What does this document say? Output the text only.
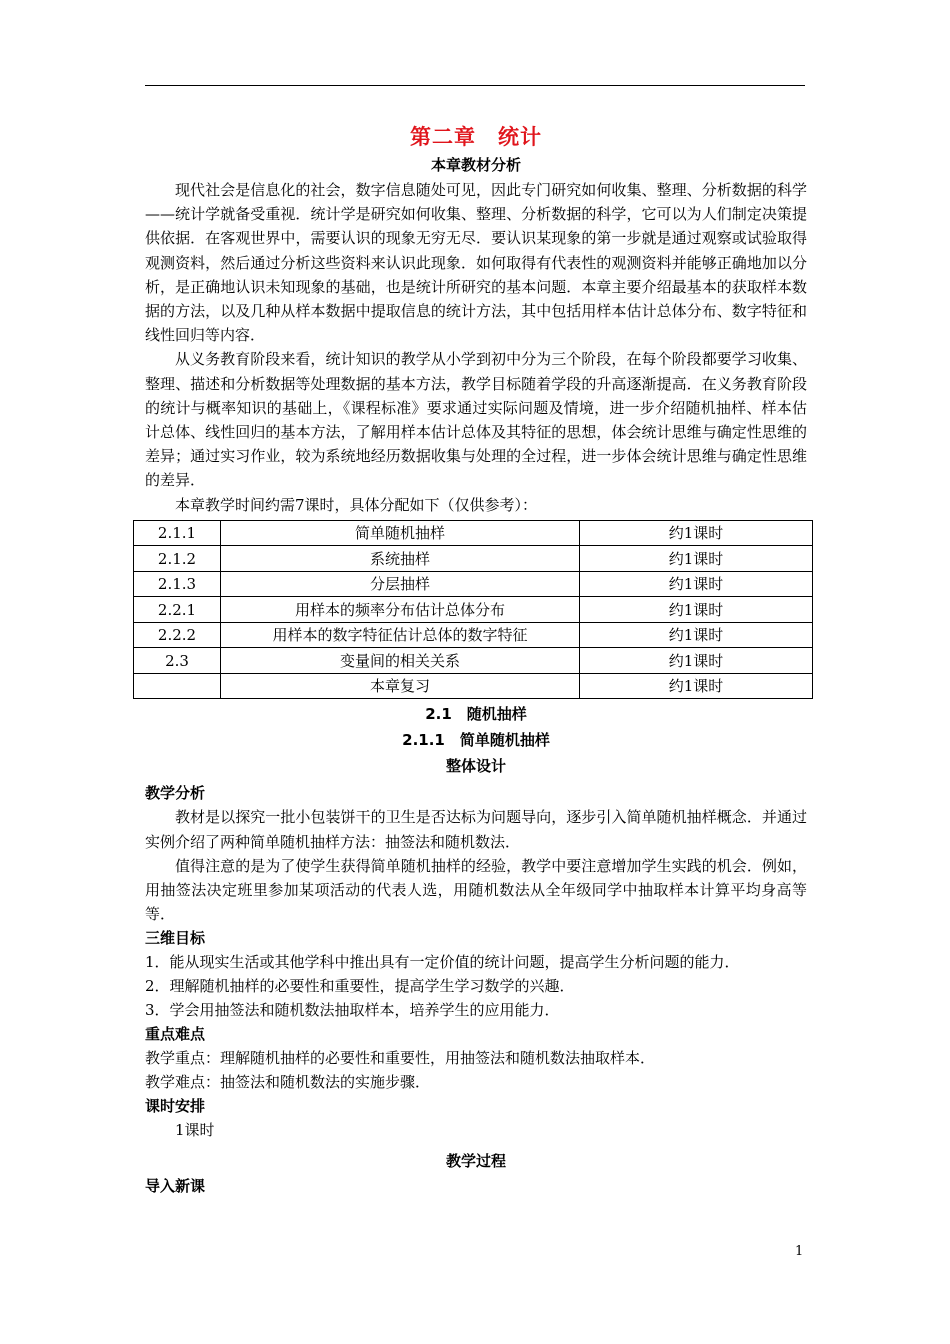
第二章　统计
本章教材分析

现代社会是信息化的社会，数字信息随处可见，因此专门研究如何收集、整理、分析数据的科学——统计学就备受重视．统计学是研究如何收集、整理、分析数据的科学，它可以为人们制定决策提供依据．在客观世界中，需要认识的现象无穷无尽．要认识某现象的第一步就是通过观察或试验取得观测资料，然后通过分析这些资料来认识此现象．如何取得有代表性的观测资料并能够正确地加以分析，是正确地认识未知现象的基础，也是统计所研究的基本问题．本章主要介绍最基本的获取样本数据的方法，以及几种从样本数据中提取信息的统计方法，其中包括用样本估计总体分布、数字特征和线性回归等内容．

从义务教育阶段来看，统计知识的教学从小学到初中分为三个阶段，在每个阶段都要学习收集、整理、描述和分析数据等处理数据的基本方法，教学目标随着学段的升高逐渐提高．在义务教育阶段的统计与概率知识的基础上，《课程标准》要求通过实际问题及情境，进一步介绍随机抽样、样本估计总体、线性回归的基本方法，了解用样本估计总体及其特征的思想，体会统计思维与确定性思维的差异；通过实习作业，较为系统地经历数据收集与处理的全过程，进一步体会统计思维与确定性思维的差异．

本章教学时间约需7课时，具体分配如下（仅供参考）：

2.1.1	简单随机抽样	约1课时
2.1.2	系统抽样	约1课时
2.1.3	分层抽样	约1课时
2.2.1	用样本的频率分布估计总体分布	约1课时
2.2.2	用样本的数字特征估计总体的数字特征	约1课时
2.3	变量间的相关关系	约1课时
	本章复习	约1课时
2.1　随机抽样
2.1.1　简单随机抽样
整体设计
教学分析

教材是以探究一批小包装饼干的卫生是否达标为问题导向，逐步引入简单随机抽样概念．并通过实例介绍了两种简单随机抽样方法：抽签法和随机数法．

值得注意的是为了使学生获得简单随机抽样的经验，教学中要注意增加学生实践的机会．例如，用抽签法决定班里参加某项活动的代表人选，用随机数法从全年级同学中抽取样本计算平均身高等等．

三维目标

1．能从现实生活或其他学科中推出具有一定价值的统计问题，提高学生分析问题的能力．

2．理解随机抽样的必要性和重要性，提高学生学习数学的兴趣．

3．学会用抽签法和随机数法抽取样本，培养学生的应用能力．

重点难点

教学重点：理解随机抽样的必要性和重要性，用抽签法和随机数法抽取样本．

教学难点：抽签法和随机数法的实施步骤．

课时安排

1课时

教学过程
导入新课
1
